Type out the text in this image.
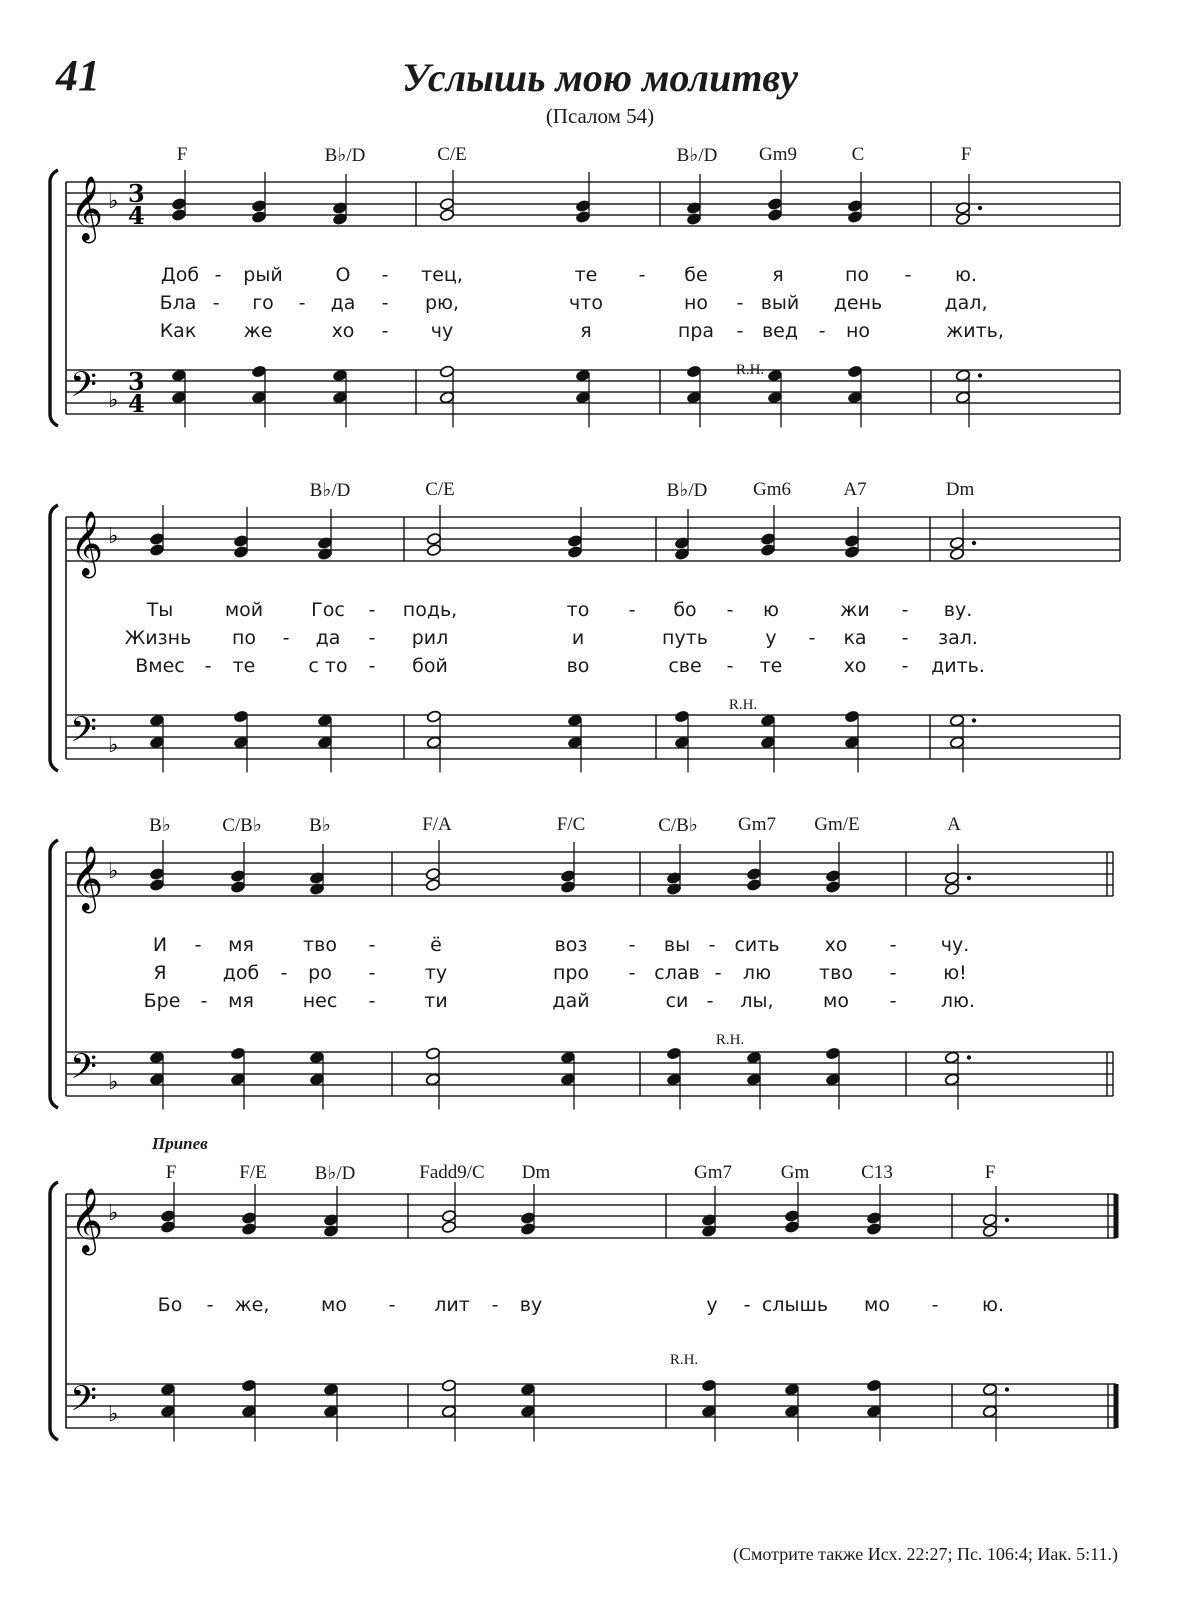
41	Услышь мою молитву
(Псалом 54)
𝄞
𝄢
♭
♭
3
4
3
4
F	B♭/D	C/E	B♭/D Gm9	C	F
Доб - рый	О - тец,	те - бе	я	по - ю.
Бла - го - да - рю,	что	но - вый день	дал,
Как же	хо - чу	я	пра - вед - но	жить,
R.H.
𝄞
𝄢
♭
♭
B♭/D	C/E	B♭/D Gm6	A7	Dm
Ты	мой	Гос - подь,	то - бо - ю	жи - ву.
Жизнь по - да - рил	и	путь	у - ка - зал.
Вмес - те	с то - бой	во	све - те	хо - дить.
R.H.
𝄞
𝄢
♭
♭
B♭	C/B♭ B♭	F/A	F/C	C/B♭ Gm7 Gm/E	A
И - мя	тво -	ё	воз - вы - сить хо - чу.
Я	доб - ро -	ту	про - слав - лю	тво - ю!
Бре - мя	нес -	ти	дай	си - лы,	мо - лю.
R.H.
𝄞
𝄢
♭
♭
F	F/E	B♭/D	Fadd9/C Dm	Gm7	Gm	C13	F
Бо - же,	мо - лит - ву	у - слышь мо - ю.
R.H.
Припев
(Смотрите также Исх. 22:27; Пс. 106:4; Иак. 5:11.)
